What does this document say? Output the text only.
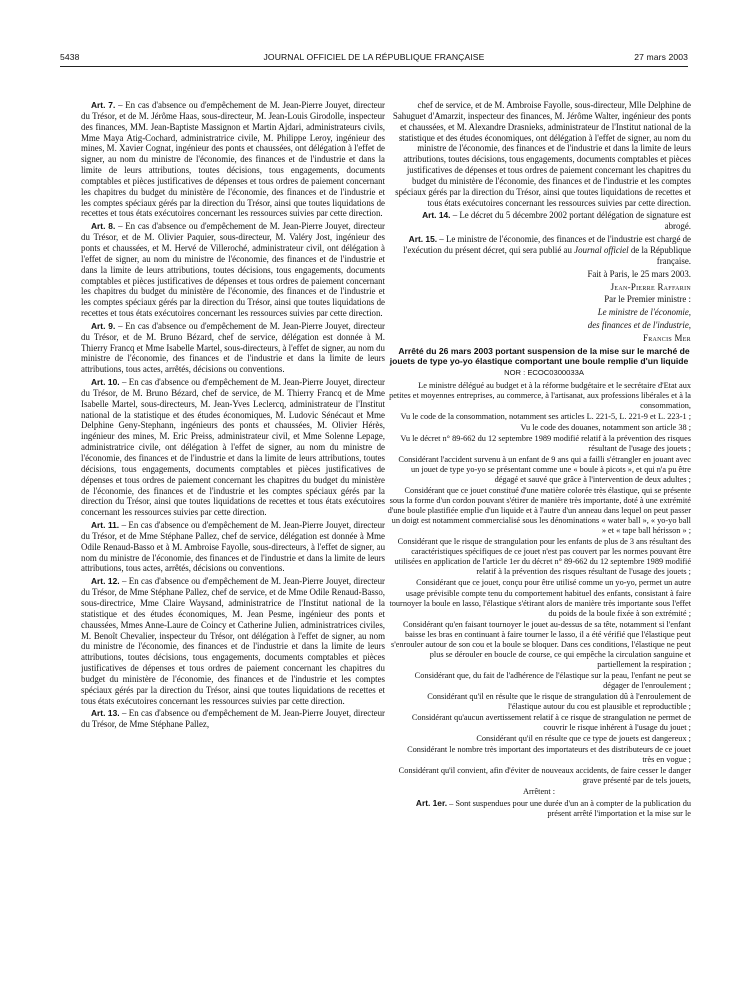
5438	JOURNAL OFFICIEL DE LA RÉPUBLIQUE FRANÇAISE	27 mars 2003

Art. 7. – En cas d'absence ou d'empêchement de M. Jean-Pierre Jouyet, directeur du Trésor, et de M. Jérôme Haas, sous-directeur, M. Jean-Louis Girodolle, inspecteur des finances, MM. Jean-Baptiste Massignon et Martin Ajdari, administrateurs civils, Mme Maya Atig-Cochard, administratrice civile, M. Philippe Leroy, ingénieur des mines, M. Xavier Cognat, ingénieur des ponts et chaussées, ont délégation à l'effet de signer, au nom du ministre de l'économie, des finances et de l'industrie et dans la limite de leurs attributions, toutes décisions, tous engagements, documents comptables et pièces justificatives de dépenses et tous ordres de paiement concernant les chapitres du budget du ministère de l'économie, des finances et de l'industrie et les comptes spéciaux gérés par la direction du Trésor, ainsi que toutes liquidations de recettes et tous états exécutoires concernant les ressources suivies par cette direction.

Art. 8. – En cas d'absence ou d'empêchement de M. Jean-Pierre Jouyet, directeur du Trésor, et de M. Olivier Paquier, sous-directeur, M. Valéry Jost, ingénieur des ponts et chaussées, et M. Hervé de Villeroché, administrateur civil, ont délégation à l'effet de signer, au nom du ministre de l'économie, des finances et de l'industrie et dans la limite de leurs attributions, toutes décisions, tous engagements, documents comptables et pièces justificatives de dépenses et tous ordres de paiement concernant les chapitres du budget du ministère de l'économie, des finances et de l'industrie et les comptes spéciaux gérés par la direction du Trésor, ainsi que toutes liquidations de recettes et tous états exécutoires concernant les ressources suivies par cette direction.

Art. 9. – En cas d'absence ou d'empêchement de M. Jean-Pierre Jouyet, directeur du Trésor, et de M. Bruno Bézard, chef de service, délégation est donnée à M. Thierry Francq et Mme Isabelle Martel, sous-directeurs, à l'effet de signer, au nom du ministre de l'économie, des finances et de l'industrie et dans la limite de leurs attributions, tous actes, arrêtés, décisions ou conventions.

Art. 10. – En cas d'absence ou d'empêchement de M. Jean-Pierre Jouyet, directeur du Trésor, de M. Bruno Bézard, chef de service, de M. Thierry Francq et de Mme Isabelle Martel, sous-directeurs, M. Jean-Yves Leclercq, administrateur de l'Institut national de la statistique et des études économiques, M. Ludovic Sénécaut et Mme Delphine Geny-Stephann, ingénieurs des ponts et chaussées, M. Olivier Hérès, ingénieur des mines, M. Eric Preiss, administrateur civil, et Mme Solenne Lepage, administratrice civile, ont délégation à l'effet de signer, au nom du ministre de l'économie, des finances et de l'industrie et dans la limite de leurs attributions, toutes décisions, tous engagements, documents comptables et pièces justificatives de dépenses et tous ordres de paiement concernant les chapitres du budget du ministère de l'économie, des finances et de l'industrie et les comptes spéciaux gérés par la direction du Trésor, ainsi que toutes liquidations de recettes et tous états exécutoires concernant les ressources suivies par cette direction.

Art. 11. – En cas d'absence ou d'empêchement de M. Jean-Pierre Jouyet, directeur du Trésor, et de Mme Stéphane Pallez, chef de service, délégation est donnée à Mme Odile Renaud-Basso et à M. Ambroise Fayolle, sous-directeurs, à l'effet de signer, au nom du ministre de l'économie, des finances et de l'industrie et dans la limite de leurs attributions, tous actes, arrêtés, décisions ou conventions.

Art. 12. – En cas d'absence ou d'empêchement de M. Jean-Pierre Jouyet, directeur du Trésor, de Mme Stéphane Pallez, chef de service, et de Mme Odile Renaud-Basso, sous-directrice, Mme Claire Waysand, administratrice de l'Institut national de la statistique et des études économiques, M. Jean Pesme, ingénieur des ponts et chaussées, Mmes Anne-Laure de Coincy et Catherine Julien, administratrices civiles, M. Benoît Chevalier, inspecteur du Trésor, ont délégation à l'effet de signer, au nom du ministre de l'économie, des finances et de l'industrie et dans la limite de leurs attributions, toutes décisions, tous engagements, documents comptables et pièces justificatives de dépenses et tous ordres de paiement concernant les chapitres du budget du ministère de l'économie, des finances et de l'industrie et les comptes spéciaux gérés par la direction du Trésor, ainsi que toutes liquidations de recettes et tous états exécutoires concernant les ressources suivies par cette direction.

Art. 13. – En cas d'absence ou d'empêchement de M. Jean-Pierre Jouyet, directeur du Trésor, de Mme Stéphane Pallez,

chef de service, et de M. Ambroise Fayolle, sous-directeur, Mlle Delphine de Sahuguet d'Amarzit, inspecteur des finances, M. Jérôme Walter, ingénieur des ponts et chaussées, et M. Alexandre Drasnieks, administrateur de l'Institut national de la statistique et des études économiques, ont délégation à l'effet de signer, au nom du ministre de l'économie, des finances et de l'industrie et dans la limite de leurs attributions, toutes décisions, tous engagements, documents comptables et pièces justificatives de dépenses et tous ordres de paiement concernant les chapitres du budget du ministère de l'économie, des finances et de l'industrie et les comptes spéciaux gérés par la direction du Trésor, ainsi que toutes liquidations de recettes et tous états exécutoires concernant les ressources suivies par cette direction.

Art. 14. – Le décret du 5 décembre 2002 portant délégation de signature est abrogé.

Art. 15. – Le ministre de l'économie, des finances et de l'industrie est chargé de l'exécution du présent décret, qui sera publié au Journal officiel de la République française.

Fait à Paris, le 25 mars 2003.

Jean-Pierre Raffarin

Par le Premier ministre :

Le ministre de l'économie,

des finances et de l'industrie,

Francis Mer

Arrêté du 26 mars 2003 portant suspension de la mise sur le marché de jouets de type yo-yo élastique comportant une boule remplie d'un liquide

NOR : ECOC0300033A

Le ministre délégué au budget et à la réforme budgétaire et le secrétaire d'Etat aux petites et moyennes entreprises, au commerce, à l'artisanat, aux professions libérales et à la consommation,

Vu le code de la consommation, notamment ses articles L. 221-5, L. 221-9 et L. 223-1 ;

Vu le code des douanes, notamment son article 38 ;

Vu le décret n° 89-662 du 12 septembre 1989 modifié relatif à la prévention des risques résultant de l'usage des jouets ;

Considérant l'accident survenu à un enfant de 9 ans qui a failli s'étrangler en jouant avec un jouet de type yo-yo se présentant comme une « boule à picots », et qui n'a pu être dégagé et sauvé que grâce à l'intervention de deux adultes ;

Considérant que ce jouet constitué d'une matière colorée très élastique, qui se présente sous la forme d'un cordon pouvant s'étirer de manière très importante, doté à une extrémité d'une boule plastifiée emplie d'un liquide et à l'autre d'un anneau dans lequel on peut passer un doigt est notamment commercialisé sous les dénominations « water ball », « yo-yo ball » et « tape ball hérisson » ;

Considérant que le risque de strangulation pour les enfants de plus de 3 ans résultant des caractéristiques spécifiques de ce jouet n'est pas couvert par les normes pouvant être utilisées en application de l'article 1er du décret n° 89-662 du 12 septembre 1989 modifié relatif à la prévention des risques résultant de l'usage des jouets ;

Considérant que ce jouet, conçu pour être utilisé comme un yo-yo, permet un autre usage prévisible compte tenu du comportement habituel des enfants, consistant à faire tournoyer la boule en lasso, l'élastique s'étirant alors de manière très importante sous l'effet du poids de la boule fixée à son extrémité ;

Considérant qu'en faisant tournoyer le jouet au-dessus de sa tête, notamment si l'enfant baisse les bras en continuant à faire tourner le lasso, il a été vérifié que l'élastique peut s'enrouler autour de son cou et la boule se bloquer. Dans ces conditions, l'élastique ne peut plus se dérouler en boucle de course, ce qui empêche la circulation sanguine et partiellement la respiration ;

Considérant que, du fait de l'adhérence de l'élastique sur la peau, l'enfant ne peut se dégager de l'enroulement ;

Considérant qu'il en résulte que le risque de strangulation dû à l'enroulement de l'élastique autour du cou est plausible et reproductible ;

Considérant qu'aucun avertissement relatif à ce risque de strangulation ne permet de couvrir le risque inhérent à l'usage du jouet ;

Considérant qu'il en résulte que ce type de jouets est dangereux ;

Considérant le nombre très important des importateurs et des distributeurs de ce jouet très en vogue ;

Considérant qu'il convient, afin d'éviter de nouveaux accidents, de faire cesser le danger grave présenté par de tels jouets,

Arrêtent :

Art. 1er. – Sont suspendues pour une durée d'un an à compter de la publication du présent arrêté l'importation et la mise sur le
